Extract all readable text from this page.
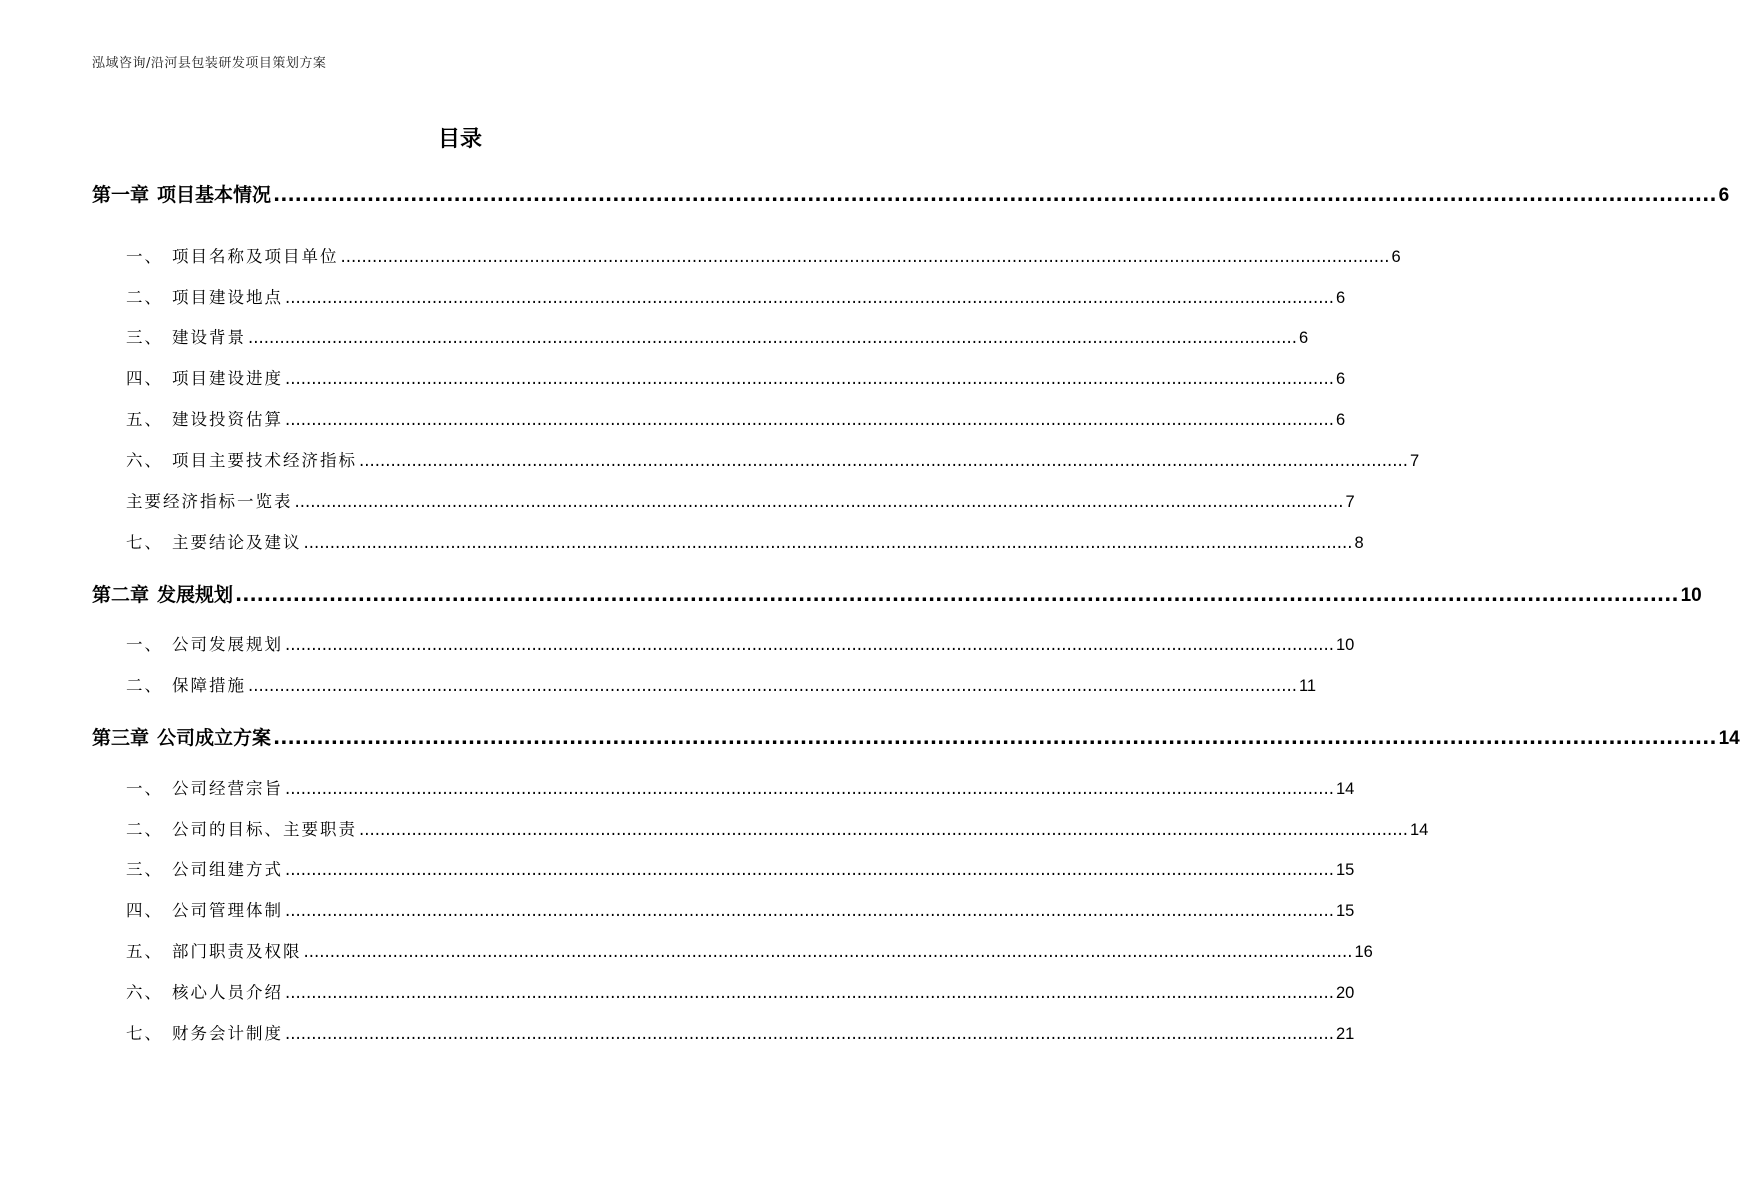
泓域咨询/沿河县包装研发项目策划方案
目录
第一章 项目基本情况 ........................................................................................................................................................................................................ 6
一、 项目名称及项目单位 ........................................................................................................................................................................................................ 6
二、 项目建设地点 ........................................................................................................................................................................................................ 6
三、 建设背景 ........................................................................................................................................................................................................ 6
四、 项目建设进度 ........................................................................................................................................................................................................ 6
五、 建设投资估算 ........................................................................................................................................................................................................ 6
六、 项目主要技术经济指标 ........................................................................................................................................................................................................ 7
主要经济指标一览表 ........................................................................................................................................................................................................ 7
七、 主要结论及建议 ........................................................................................................................................................................................................ 8
第二章 发展规划 ........................................................................................................................................................................................................ 10
一、 公司发展规划 ........................................................................................................................................................................................................ 10
二、 保障措施 ........................................................................................................................................................................................................ 11
第三章 公司成立方案 ........................................................................................................................................................................................................ 14
一、 公司经营宗旨 ........................................................................................................................................................................................................ 14
二、 公司的目标、主要职责 ........................................................................................................................................................................................................ 14
三、 公司组建方式 ........................................................................................................................................................................................................ 15
四、 公司管理体制 ........................................................................................................................................................................................................ 15
五、 部门职责及权限 ........................................................................................................................................................................................................ 16
六、 核心人员介绍 ........................................................................................................................................................................................................ 20
七、 财务会计制度 ........................................................................................................................................................................................................ 21
